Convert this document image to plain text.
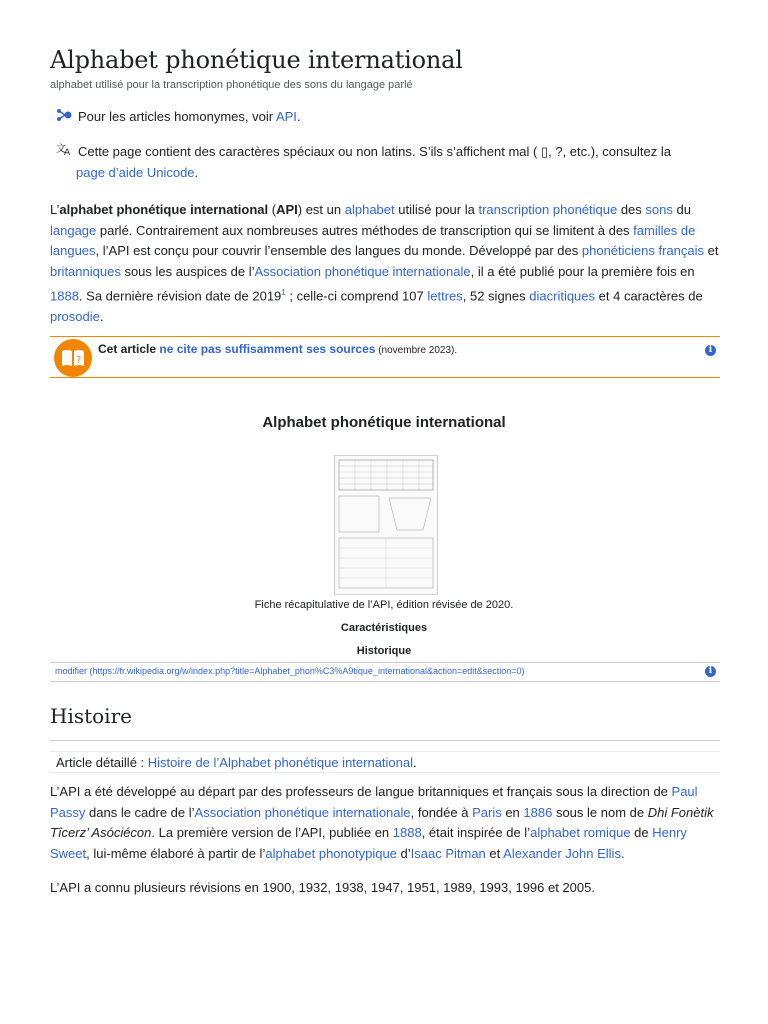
Alphabet phonétique international
alphabet utilisé pour la transcription phonétique des sons du langage parlé
Pour les articles homonymes, voir API.
文
A Cette page contient des caractères spéciaux ou non latins. S’ils s’affichent mal ( ▯, ?, etc.), consultez la
page d’aide Unicode.
L’alphabet phonétique international (API) est un alphabet utilisé pour la transcription phonétique des sons du langage parlé. Contrairement aux nombreuses autres méthodes de transcription qui se limitent à des familles de langues, l’API est conçu pour couvrir l’ensemble des langues du monde. Développé par des phonéticiens français et britanniques sous les auspices de l’Association phonétique internationale, il a été publié pour la première fois en 1888. Sa dernière révision date de 2019$^1$ ; celle-ci comprend 107 lettres, 52 signes diacritiques et 4 caractères de prosodie.
?
Cet article ne cite pas suffisamment ses sources (novembre 2023).	i
Alphabet phonétique international
Fiche récapitulative de l’API, édition révisée de 2020.
Caractéristiques
Historique
modifier (https://fr.wikipedia.org/w/index.php?title=Alphabet_phon%C3%A9tique_international&action=edit&section=0)	i
Histoire
Article détaillé : Histoire de l’Alphabet phonétique international.
L’API a été développé au départ par des professeurs de langue britanniques et français sous la direction de Paul Passy dans le cadre de l’Association phonétique internationale, fondée à Paris en 1886 sous le nom de Dhi Fonètik Tîcerz’ Asóciécon. La première version de l’API, publiée en 1888, était inspirée de l’alphabet romique de Henry Sweet, lui-même élaboré à partir de l’alphabet phonotypique d’Isaac Pitman et Alexander John Ellis.
L’API a connu plusieurs révisions en 1900, 1932, 1938, 1947, 1951, 1989, 1993, 1996 et 2005.
